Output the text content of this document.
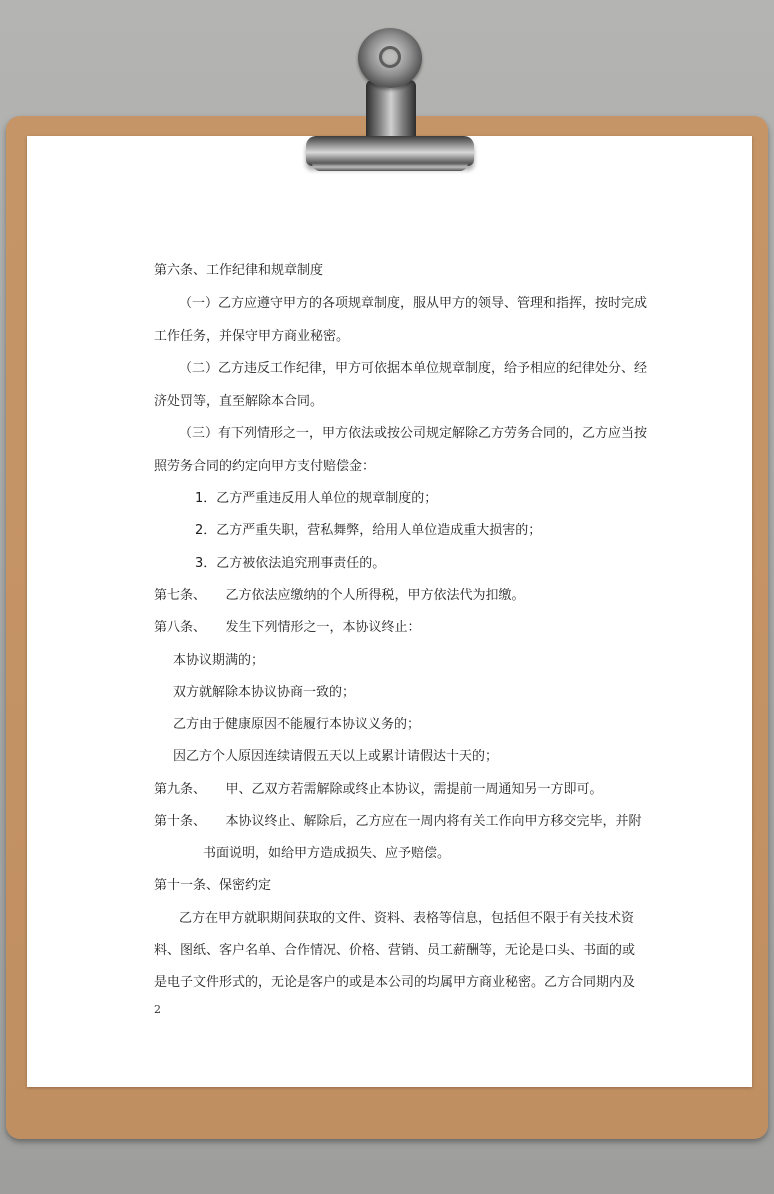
第六条、工作纪律和规章制度

（一）乙方应遵守甲方的各项规章制度，服从甲方的领导、管理和指挥，按时完成

工作任务，并保守甲方商业秘密。

（二）乙方违反工作纪律，甲方可依据本单位规章制度，给予相应的纪律处分、经

济处罚等，直至解除本合同。

（三）有下列情形之一，甲方依法或按公司规定解除乙方劳务合同的，乙方应当按

照劳务合同的约定向甲方支付赔偿金：

1．乙方严重违反用人单位的规章制度的；

2．乙方严重失职，营私舞弊，给用人单位造成重大损害的；

3．乙方被依法追究刑事责任的。

第七条、　　乙方依法应缴纳的个人所得税，甲方依法代为扣缴。

第八条、　　发生下列情形之一，本协议终止：

本协议期满的；

双方就解除本协议协商一致的；

乙方由于健康原因不能履行本协议义务的；

因乙方个人原因连续请假五天以上或累计请假达十天的；

第九条、　　甲、乙双方若需解除或终止本协议，需提前一周通知另一方即可。

第十条、　　本协议终止、解除后，乙方应在一周内将有关工作向甲方移交完毕，并附

书面说明，如给甲方造成损失、应予赔偿。

第十一条、保密约定

乙方在甲方就职期间获取的文件、资料、表格等信息，包括但不限于有关技术资

料、图纸、客户名单、合作情况、价格、营销、员工薪酬等，无论是口头、书面的或

是电子文件形式的，无论是客户的或是本公司的均属甲方商业秘密。乙方合同期内及

2
